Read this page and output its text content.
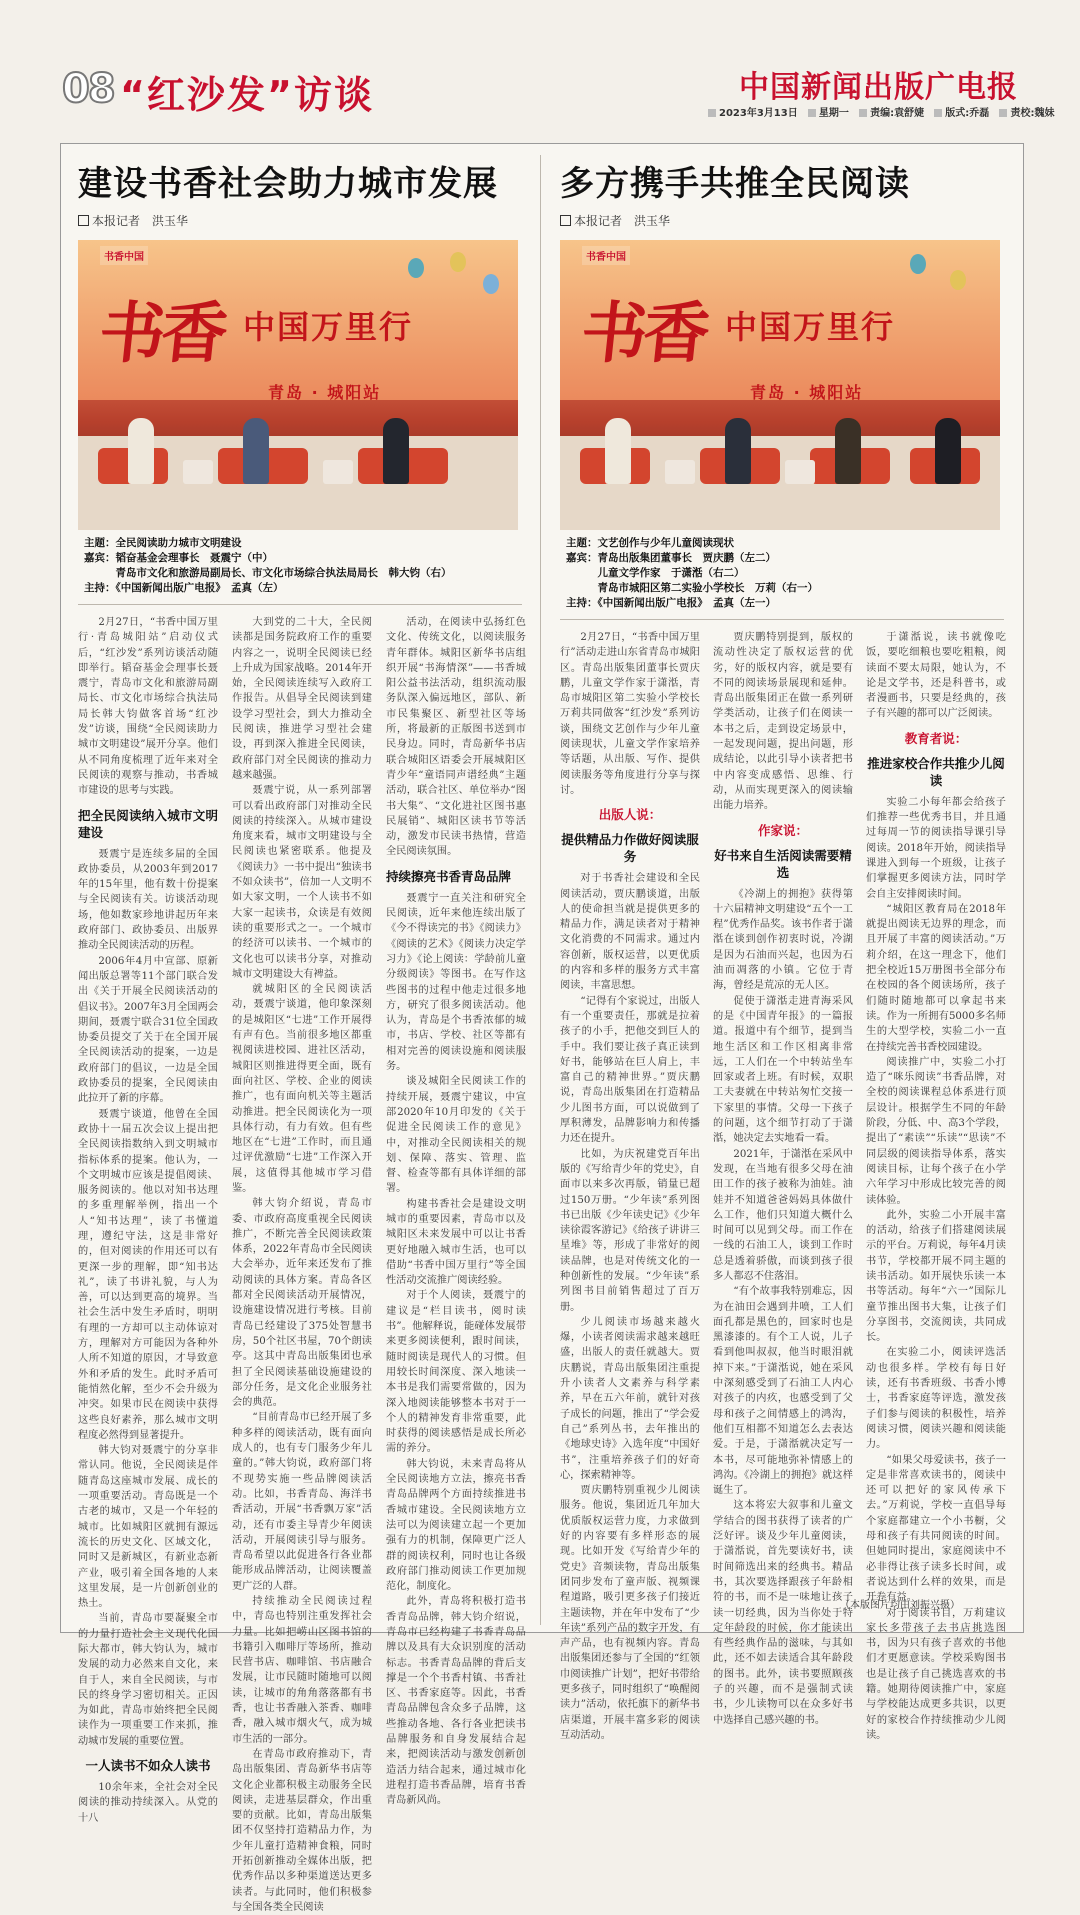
08 “红沙发”访谈	中国新闻出版广电报
2023年3月13日 星期一 责编:袁舒婕 版式:乔磊 责校:魏妹
建设书香社会助力城市发展
本报记者　洪玉华
书香中国
书香 中国万里行
青岛 · 城阳站
主题：全民阅读助力城市文明建设
嘉宾：韬奋基金会理事长　聂震宁（中）
　　　青岛市文化和旅游局副局长、市文化市场综合执法局局长　韩大钧（右）
主持：《中国新闻出版广电报》　孟真（左）

2月27日，“书香中国万里行·青岛城阳站”启动仪式后，“红沙发”系列访谈活动随即举行。韬奋基金会理事长聂震宁，青岛市文化和旅游局副局长、市文化市场综合执法局局长韩大钧做客首场“红沙发”访谈，围绕“全民阅读助力城市文明建设”展开分享。他们从不同角度梳理了近年来对全民阅读的观察与推动，书香城市建设的思考与实践。

把全民阅读纳入城市文明建设

聂震宁是连续多届的全国政协委员，从2003年到2017年的15年里，他有数十份提案与全民阅读有关。访谈活动现场，他如数家珍地讲起历年来政府部门、政协委员、出版界推动全民阅读活动的历程。

2006年4月中宣部、原新闻出版总署等11个部门联合发出《关于开展全民阅读活动的倡议书》。2007年3月全国两会期间，聂震宁联合31位全国政协委员提交了关于在全国开展全民阅读活动的提案，一边是政府部门的倡议，一边是全国政协委员的提案，全民阅读由此拉开了新的序幕。

聂震宁谈道，他曾在全国政协十一届五次会议上提出把全民阅读指数纳入到文明城市指标体系的提案。他认为，一个文明城市应该是提倡阅读、服务阅读的。他以对知书达理的多重理解举例，指出一个人“知书达理”，读了书懂道理，遵纪守法，这是非常好的，但对阅读的作用还可以有更深一步的理解，即“知书达礼”，读了书讲礼貌，与人为善，可以达到更高的境界。当社会生活中发生矛盾时，明明有理的一方却可以主动体谅对方，理解对方可能因为各种外人所不知道的原因，才导致意外和矛盾的发生。此时矛盾可能悄然化解，至少不会升级为冲突。如果市民在阅读中获得这些良好素养，那么城市文明程度必然得到显著提升。

韩大钧对聂震宁的分享非常认同。他说，全民阅读是伴随青岛这座城市发展、成长的一项重要活动。青岛既是一个古老的城市，又是一个年轻的城市。比如城阳区就拥有源远流长的历史文化、区域文化，同时又是新城区，有新业态新产业，吸引着全国各地的人来这里发展，是一片创新创业的热土。

当前，青岛市要凝聚全市的力量打造社会主义现代化国际大都市，韩大钧认为，城市发展的动力必然来自文化，来自于人，来自全民阅读，与市民的终身学习密切相关。正因为如此，青岛市始终把全民阅读作为一项重要工作来抓，推动城市发展的重要位置。

一人读书不如众人读书

10余年来，全社会对全民阅读的推动持续深入。从党的十八

大到党的二十大，全民阅读都是国务院政府工作的重要内容之一，说明全民阅读已经上升成为国家战略。2014年开始，全民阅读连续写入政府工作报告。从倡导全民阅读到建设学习型社会，到大力推动全民阅读，推进学习型社会建设，再到深入推进全民阅读，政府部门对全民阅读的推动力越来越强。

聂震宁说，从一系列部署可以看出政府部门对推动全民阅读的持续深入。从城市建设角度来看，城市文明建设与全民阅读也紧密联系。他提及《阅读力》一书中提出“独读书不如众读书”，倍加一人文明不如大家文明，一个人读书不如大家一起读书，众读是有效阅读的重要形式之一。一个城市的经济可以读书、一个城市的文化也可以读书分享，对推动城市文明建设大有裨益。

就城阳区的全民阅读活动，聂震宁谈道，他印象深刻的是城阳区“七进”工作开展得有声有色。当前很多地区都重视阅读进校园、进社区活动，城阳区则推进得更全面，既有面向社区、学校、企业的阅读推广，也有面向机关等主题活动推进。把全民阅读化为一项具体行动，有力有效。但有些地区在“七进”工作时，而且通过评优激励“七进”工作深入开展，这值得其他城市学习借鉴。

韩大钧介绍说，青岛市委、市政府高度重视全民阅读推广，不断完善全民阅读政策体系，2022年青岛市全民阅读大会举办，近年来还发布了推动阅读的具体方案。青岛各区都对全民阅读活动开展情况，设施建设情况进行考核。目前青岛已经建设了375处智慧书房，50个社区书屋，70个朗读亭。这其中青岛出版集团也承担了全民阅读基础设施建设的部分任务，是文化企业服务社会的典范。

“目前青岛市已经开展了多种多样的阅读活动，既有面向成人的，也有专门服务少年儿童的。”韩大钧说，政府部门将不现势实施一些品牌阅读活动。比如，书香青岛、海洋书香活动，开展“书香飘万家”活动，还有市委主导青少年阅读活动，开展阅读引导与服务。青岛希望以此促进各行各业都能形成品牌活动，让阅读覆盖更广泛的人群。

持续推动全民阅读过程中，青岛也特别注重发挥社会力量。比如把崂山区图书馆的书籍引入咖啡厅等场所，推动民营书店、咖啡馆、书店融合发展，让市民随时随地可以阅读，让城市的角角落落都有书香，也让书香融入茶香、咖啡香，融入城市烟火气，成为城市生活的一部分。

在青岛市政府推动下，青岛出版集团、青岛新华书店等文化企业都积极主动服务全民阅读，走进基层群众，作出重要的贡献。比如，青岛出版集团不仅坚持打造精品力作，为少年儿童打造精神食粮，同时开拓创新推动全媒体出版，把优秀作品以多种渠道送达更多读者。与此同时，他们积极参与全国各类全民阅读

活动，在阅读中弘扬红色文化、传统文化，以阅读服务青年群体。城阳区新华书店组织开展“书海情深”——书香城阳公益书法活动，组织流动服务队深入偏远地区，部队、新市民集聚区、新型社区等场所，将最新的正版图书送到市民身边。同时，青岛新华书店联合城阳区语委会开展城阳区青少年“童语同声谱经典”主题活动，联合社区、单位举办“图书大集”、“文化进社区图书惠民展销”、城阳区读书节等活动，激发市民读书热情，营造全民阅读氛围。

持续擦亮书香青岛品牌

聂震宁一直关注和研究全民阅读，近年来他连续出版了《今不得读完的书》《阅读力》《阅读的艺术》《阅读力决定学习力》《论上阅读：学龄前儿童分级阅读》等图书。在写作这些图书的过程中他走过很多地方，研究了很多阅读活动。他认为，青岛是个书香浓郁的城市，书店、学校、社区等都有相对完善的阅读设施和阅读服务。

谈及城阳全民阅读工作的持续开展，聂震宁建议，中宣部2020年10月印发的《关于促进全民阅读工作的意见》中，对推动全民阅读相关的规划、保障、落实、管理、监督、检查等都有具体详细的部署。

构建书香社会是建设文明城市的重要因素，青岛市以及城阳区未来发展中可以让书香更好地融入城市生活，也可以借助“书香中国万里行”等全国性活动交流推广阅读经验。

对于个人阅读，聂震宁的建议是“栏目读书，阅时读书”。他解释说，能碰体发展带来更多阅读便利，跟时间读，随时阅读是现代人的习惯。但用较长时间深度、深入地读一本书是我们需要常做的，因为深入地阅读能够整本书对于一个人的精神发育非常重要，此时获得的阅读感悟是成长所必需的养分。

韩大钧说，未来青岛将从全民阅读地方立法，擦亮书香青岛品牌两个方面持续推进书香城市建设。全民阅读地方立法可以为阅读建立起一个更加强有力的机制，保障更广泛人群的阅读权利，同时也让各级政府部门推动阅读工作更加规范化，制度化。

此外，青岛将积极打造书香青岛品牌，韩大钧介绍说，青岛市已经构建了书香青岛品牌以及具有大众识别度的活动标志。书香青岛品牌的背后支撑是一个个书香村镇、书香社区、书香家庭等。因此，书香青岛品牌包含众多子品牌，这些推动各地、各行各业把读书品牌服务和自身发展结合起来，把阅读活动与激发创新创造活力结合起来，通过城市化进程打造书香品牌，培育书香青岛新风尚。

多方携手共推全民阅读
本报记者　洪玉华
书香中国
书香 中国万里行
青岛 · 城阳站
主题：文艺创作与少年儿童阅读现状
嘉宾：青岛出版集团董事长　贾庆鹏（左二）
　　　儿童文学作家　于潇湉（右二）
　　　青岛市城阳区第二实验小学校长　万莉（右一）
主持：《中国新闻出版广电报》　孟真（左一）

2月27日，“书香中国万里行”活动走进山东省青岛市城阳区。青岛出版集团董事长贾庆鹏，儿童文学作家于潇湉，青岛市城阳区第二实验小学校长万莉共同做客“红沙发”系列访谈，围绕文艺创作与少年儿童阅读现状，儿童文学作家培养等话题，从出版、写作、提供阅读服务等角度进行分享与探讨。

出版人说：
提供精品力作做好阅读服务

对于书香社会建设和全民阅读活动，贾庆鹏谈道，出版人的使命担当就是提供更多的精品力作，满足读者对于精神文化消费的不同需求。通过内容创新，版权运营，以更优质的内容和多样的服务方式丰富阅读，丰富思想。

“记得有个家说过，出版人有一个重要责任，那就是拉着孩子的小手，把他交到巨人的手中。我们要让孩子真正读到好书，能够站在巨人肩上，丰富自己的精神世界。”贾庆鹏说，青岛出版集团在打造精品少儿图书方面，可以说做到了厚积薄发，品牌影响力和传播力还在提升。

比如，为庆祝建党百年出版的《写给青少年的党史》，自面市以来多次再版，销量已超过150万册。“少年读”系列图书已出版《少年读史记》《少年读徐霞客游记》《给孩子讲讲三星堆》等，形成了非常好的阅读品牌，也是对传统文化的一种创新性的发展。“少年读”系列图书目前销售超过了百万册。

少儿阅读市场越来越火爆，小读者阅读需求越来越旺盛，出版人的责任就越大。贾庆鹏说，青岛出版集团注重提升小读者人文素养与科学素养，早在五六年前，就针对孩子成长的问题，推出了“学会爱自己”系列丛书，去年推出的《地球史诗》入选年度“中国好书”，注重培养孩子们的好奇心，探索精神等。

贾庆鹏特别重视少儿阅读服务。他说，集团近几年加大优质版权运营力度，力求做到好的内容要有多样形态的展现。比如开发《写给青少年的党史》音频读物，青岛出版集团同步发布了童声版、视频课程道路，吸引更多孩子们接近主题读物，并在年中发布了“少年读”系列产品的数字开发，有声产品，也有视频内容。青岛出版集团还参与了全国的“红领巾阅读推广计划”，把好书带给更多孩子，同时组织了“唤醒阅读力”活动，依托旗下的新华书店渠道，开展丰富多彩的阅读互动活动。

贾庆鹏特别提到，版权的流动性决定了版权运营的优劣，好的版权内容，就是要有不同的阅读场景展现和延伸。青岛出版集团正在做一系列研学类活动，让孩子们在阅读一本书之后，走到设定场景中，一起发现问题，提出问题，形成结论，以此引导小读者把书中内容变成感悟、思维、行动，从而实现更深入的阅读输出能力培养。

作家说：
好书来自生活阅读需要精选

《冷湖上的拥抱》获得第十六届精神文明建设“五个一工程”优秀作品奖。该书作者于潇湉在谈到创作初衷时说，冷湖是因为石油而兴起，也因为石油而凋落的小镇。它位于青海，曾经是荒凉的无人区。

促使于潇湉走进青海采风的是《中国青年报》的一篇报道。报道中有个细节，提到当地生活区和工作区相离非常远，工人们在一个中转站坐车回家或者上班。有时候，双职工夫妻就在中转站匆忙交接一下家里的事情。父母一下孩子的问题，这个细节打动了于潇湉，她决定去实地看一看。

2021年，于潇湉在采风中发现，在当地有很多父母在油田工作的孩子被称为油娃。油娃并不知道爸爸妈妈具体做什么工作，他们只知道大概什么时间可以见到父母。而工作在一线的石油工人，谈到工作时总是透着骄傲，而谈到孩子很多人都忍不住落泪。

“有个故事我特别难忘，因为在油田会遇到井喷，工人们面孔都是黑色的，回家时也是黑漆漆的。有个工人说，儿子看到他叫叔叔，他当时眼泪就掉下来。”于潇湉说，她在采风中深刻感受到了石油工人内心对孩子的内疚，也感受到了父母和孩子之间情感上的鸿沟，他们互相都不知道怎么去表达爱。于是，于潇湉就决定写一本书，尽可能地弥补情感上的鸿沟。《冷湖上的拥抱》就这样诞生了。

这本将宏大叙事和儿童文学结合的图书获得了读者的广泛好评。谈及少年儿童阅读，于潇湉说，首先要读好书，读时间筛选出来的经典书。精品书，其次要选择跟孩子年龄相符的书，而不是一味地让孩子读一切经典，因为当你处于特定年龄段的时候，你才能读出有些经典作品的滋味，与其如此，还不如去读适合其年龄段的图书。此外，读书要照顾孩子的兴趣，而不是强制式读书，少儿读物可以在众多好书中选择自己感兴趣的书。

于潇湉说，读书就像吃饭，要吃细粮也要吃粗粮，阅读面不要太局限，她认为，不论是文学书，还是科普书，或者漫画书，只要是经典的，孩子有兴趣的都可以广泛阅读。

教育者说：
推进家校合作共推少儿阅读

实验二小每年都会给孩子们推荐一些优秀书目，并且通过每周一节的阅读指导课引导阅读。2018年开始，阅读指导课进入到每一个班级，让孩子们掌握更多阅读方法，同时学会自主安排阅读时间。

“城阳区教育局在2018年就提出阅读无边界的理念，而且开展了丰富的阅读活动。”万莉介绍，在这一理念下，他们把全校近15万册图书全部分布在校园的各个阅读场所，孩子们随时随地都可以拿起书来读。作为一所拥有5000多名师生的大型学校，实验二小一直在持续完善书香校园建设。

阅读推广中，实验二小打造了“咪乐阅读”书香品牌，对全校的阅读课程总体系进行顶层设计。根据学生不同的年龄阶段，分低、中、高3个学段，提出了“素读”“乐读”“思读”不同层级的阅读指导体系，落实阅读目标，让每个孩子在小学六年学习中形成比较完善的阅读体验。

此外，实验二小开展丰富的活动，给孩子们搭建阅读展示的平台。万莉说，每年4月读书节，学校都开展不同主题的读书活动。如开展快乐读一本书等活动。每年“六一”国际儿童节推出图书大集，让孩子们分享图书，交流阅读，共同成长。

在实验二小，阅读评选活动也很多样。学校有每日好读，还有书香班级、书香小博士，书香家庭等评选，激发孩子们参与阅读的积极性，培养阅读习惯，阅读兴趣和阅读能力。

“如果父母爱读书，孩子一定是非常喜欢读书的，阅读中还可以把好的家风传承下去。”万莉说，学校一直倡导每个家庭都建立一个小书橱，父母和孩子有共同阅读的时间。但她同时提出，家庭阅读中不必非得让孩子读多长时间，或者说达到什么样的效果，而是开卷有益。

对于阅读书目，万莉建议家长多带孩子去书店挑选图书，因为只有孩子喜欢的书他们才更愿意读。学校采购图书也是让孩子自己挑选喜欢的书籍。她期待阅读推广中，家庭与学校能达成更多共识，以更好的家校合作持续推动少儿阅读。

（本版图片均由刘振兴摄）
